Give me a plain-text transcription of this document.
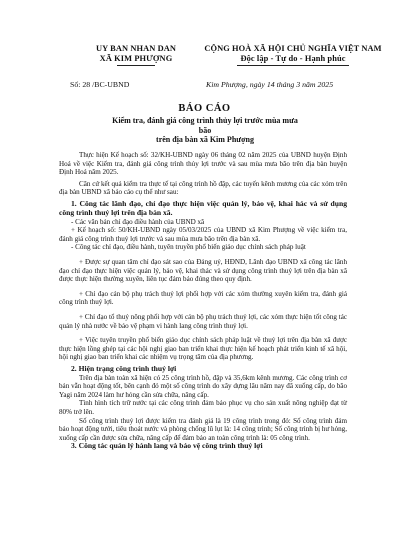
UY BAN NHAN DAN
XÃ KIM PHƯỢNG
CỘNG HOÀ XÃ HỘI CHỦ NGHĨA VIỆT NAM
Độc lập - Tự do - Hạnh phúc
Số: 28 /BC-UBND	Kim Phượng, ngày 14 tháng 3 năm 2025
BÁO CÁO
Kiểm tra, đánh giá công trình thủy lợi trước mùa mưa bão
trên địa bàn xã Kim Phượng

Thực hiện Kế hoạch số: 32/KH-UBND ngày 06 tháng 02 năm 2025 của UBND huyện Định Hoá về việc Kiểm tra, đánh giá công trình thủy lợi trước và sau mùa mưa bão trên địa bàn huyện Định Hoá năm 2025.

Căn cứ kết quả kiểm tra thực tế tại công trình hồ đập, các tuyến kênh mương của các xóm trên địa bàn UBND xã báo cáo cụ thể như sau:

1. Công tác lãnh đạo, chỉ đạo thực hiện việc quản lý, bảo vệ, khai hác và sử dụng công trình thuỷ lợi trên địa bàn xã.

- Các văn bản chỉ đạo điều hành của UBND xã

+ Kế hoạch số: 50/KH-UBND ngày 05/03/2025 của UBND xã Kim Phượng về việc kiểm tra, đánh giá công trình thuỷ lợi trước và sau mùa mưa bão trên địa bàn xã.

- Công tác chỉ đạo, điều hành, tuyên truyền phổ biến giáo dục chính sách pháp luật

+ Được sự quan tâm chỉ đạo sát sao của Đảng uỷ, HĐND, Lãnh đạo UBND xã công tác lãnh đạo chỉ đạo thực hiện việc quản lý, bảo vệ, khai thác và sử dụng công trình thuỷ lợi trên địa bàn xã được thực hiện thường xuyên, liên tục đảm bảo đúng theo quy định.

+ Chỉ đạo cán bộ phụ trách thuỷ lợi phối hợp với các xóm thường xuyên kiểm tra, đánh giá công trình thuỷ lợi.

+ Chỉ đạo tổ thuỷ nông phối hợp với cán bộ phụ trách thuỷ lợi, các xóm thực hiện tốt công tác quản lý nhà nước về bảo vệ phạm vi hành lang công trình thuỷ lợi.

+ Việc tuyên truyền phổ biến giáo dục chính sách pháp luật về thuỷ lợi trên địa bàn xã được thực hiện lồng ghép tại các hội nghị giao ban triển khai thực hiện kế hoạch phát triển kinh tế xã hội, hội nghị giao ban triển khai các nhiệm vụ trọng tâm của địa phương.

2. Hiện trạng công trình thuỷ lợi

Trên địa bàn toàn xã hiện có 25 công trình hồ, đập và 35,6km kênh mương. Các công trình cơ bản vẫn hoạt động tốt, bên cạnh đó một số công trình do xây dựng lâu năm nay đã xuống cấp, do bão Yagi năm 2024 làm hư hỏng cần sửa chữa, nâng cấp.

Tình hình tích trữ nước tại các công trình đảm bảo phục vụ cho sản xuất nông nghiệp đạt từ 80% trở lên.

Số công trình thuỷ lợi được kiểm tra đánh giá là 19 công trình trong đó: Số công trình đảm bảo hoạt động tưới, tiêu thoát nước và phòng chống lũ lụt là: 14 công trình; Số công trình bị hư hỏng, xuống cấp cần được sửa chữa, nâng cấp để đảm bảo an toàn công trình là: 05 công trình.

3. Công tác quản lý hành lang và bảo vệ công trình thuỷ lợi
